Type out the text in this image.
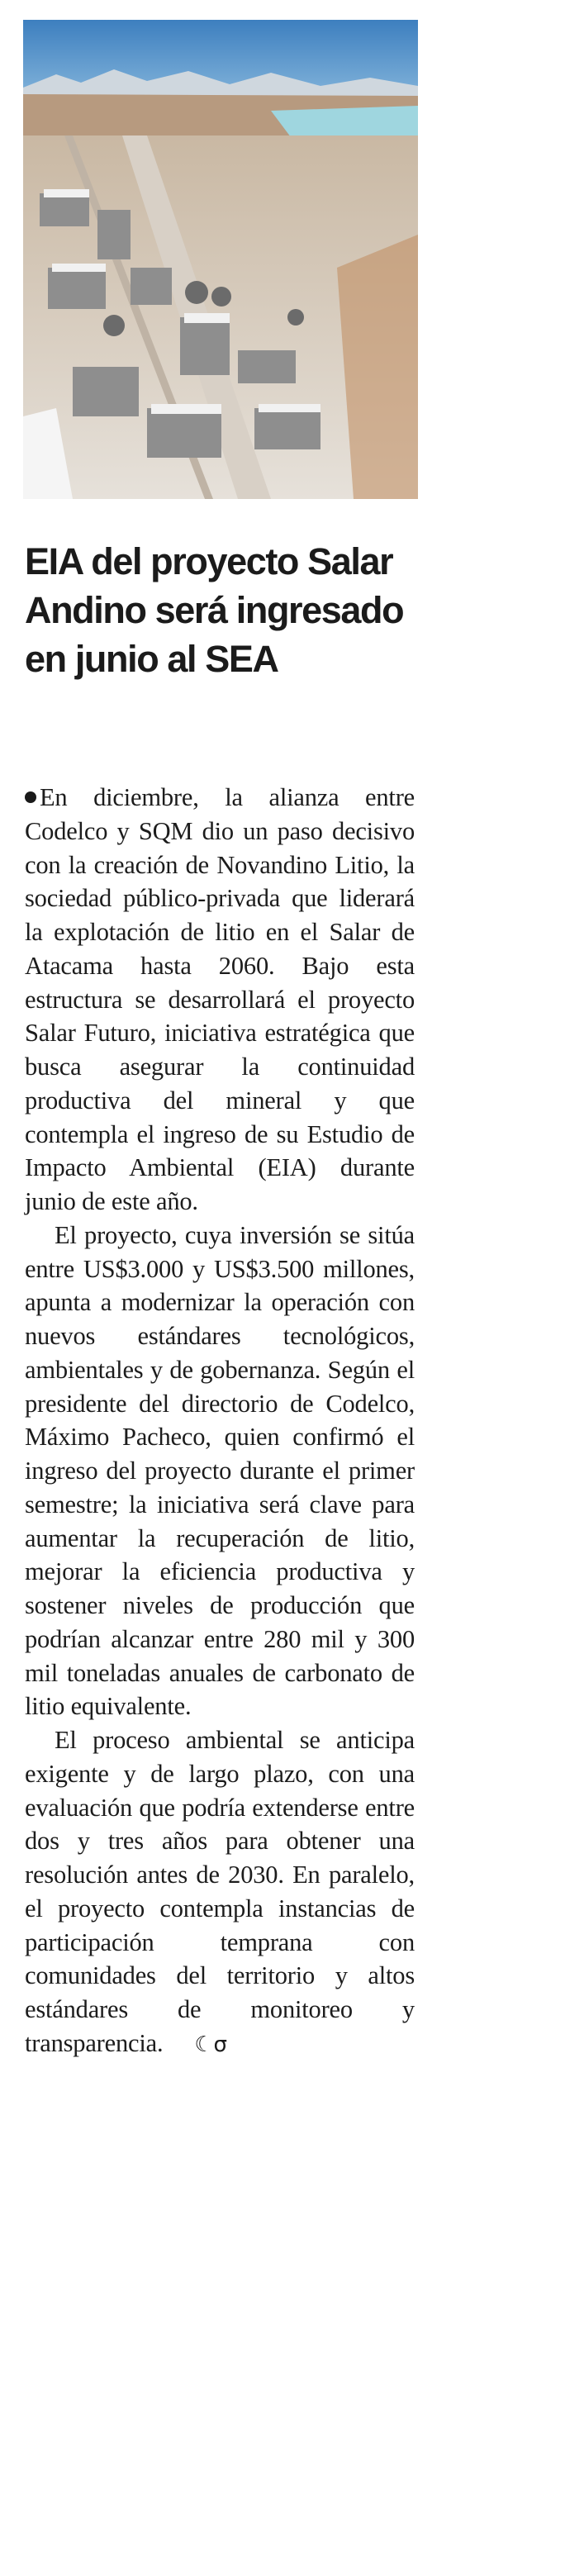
EIA del proyecto Salar Andino será ingresado en junio al SEA

En diciembre, la alianza entre Codelco y SQM dio un paso decisivo con la creación de Novandino Litio, la sociedad público-privada que liderará la explotación de litio en el Salar de Atacama hasta 2060. Bajo esta estructura se desarrollará el proyecto Salar Futuro, iniciativa estratégica que busca asegurar la continuidad productiva del mineral y que contempla el ingreso de su Estudio de Impacto Ambiental (EIA) durante junio de este año.

El proyecto, cuya inversión se sitúa entre US$3.000 y US$3.500 millones, apunta a modernizar la operación con nuevos estándares tecnológicos, ambientales y de gobernanza. Según el presidente del directorio de Codelco, Máximo Pacheco, quien confirmó el ingreso del proyecto durante el primer semestre; la iniciativa será clave para aumentar la recuperación de litio, mejorar la eficiencia productiva y sostener niveles de producción que podrían alcanzar entre 280 mil y 300 mil toneladas anuales de carbonato de litio equivalente.

El proceso ambiental se anticipa exigente y de largo plazo, con una evaluación que podría extenderse entre dos y tres años para obtener una resolución antes de 2030. En paralelo, el proyecto contempla instancias de participación temprana con comunidades del territorio y altos estándares de monitoreo y transparencia. ☾σ
